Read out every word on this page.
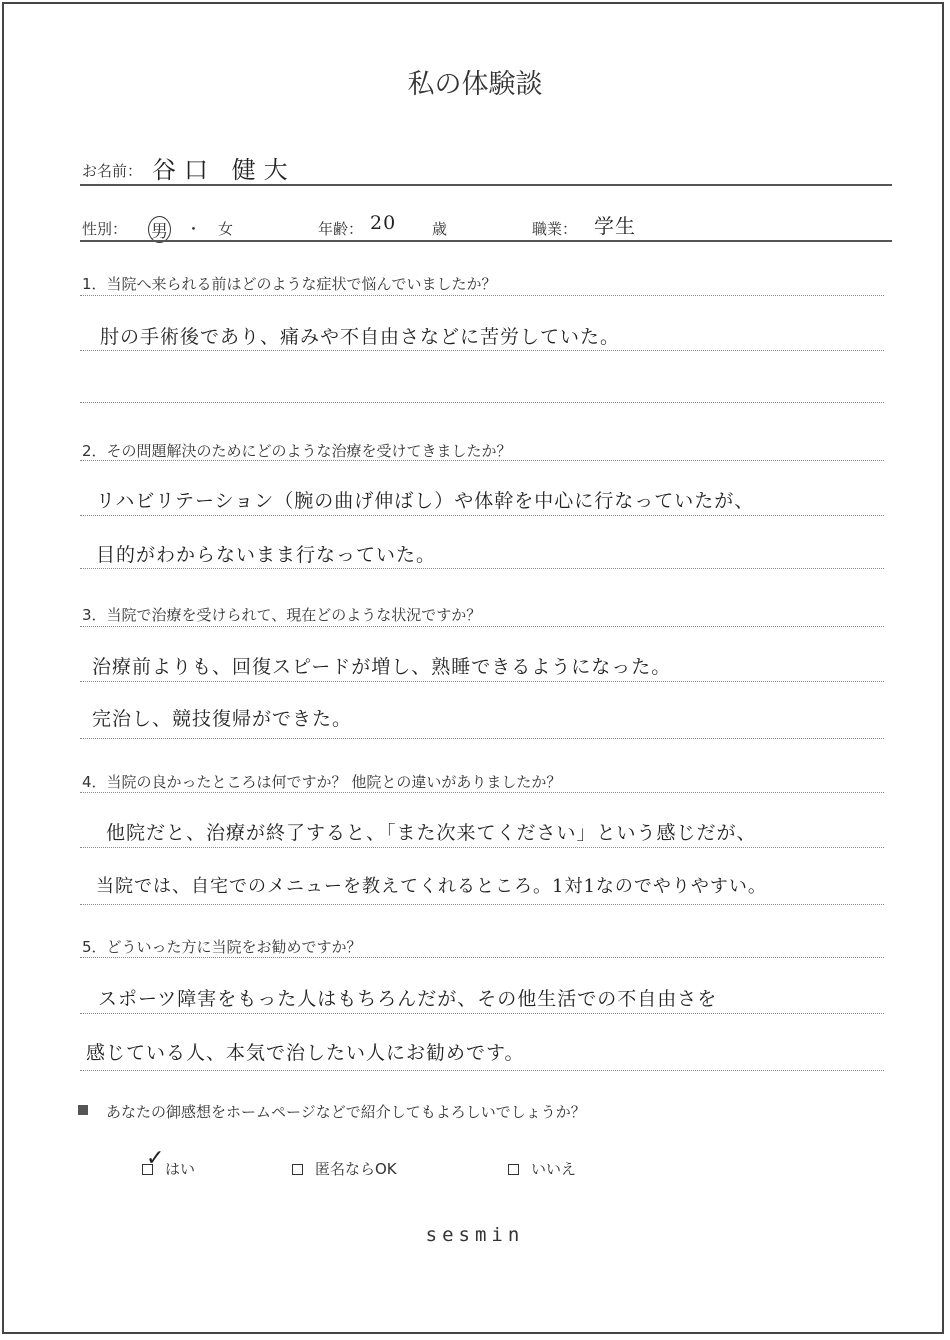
私の体験談
お名前： 谷口 健大
性別： 男 ・ 女	年齢： 20 歳	職業： 学生
1．当院へ来られる前はどのような症状で悩んでいましたか？
肘の手術後であり、痛みや不自由さなどに苦労していた。
2．その問題解決のためにどのような治療を受けてきましたか？
リハビリテーション（腕の曲げ伸ばし）や体幹を中心に行なっていたが、
目的がわからないまま行なっていた。
3．当院で治療を受けられて、現在どのような状況ですか？
治療前よりも、回復スピードが増し、熟睡できるようになった。
完治し、競技復帰ができた。
4．当院の良かったところは何ですか？ 他院との違いがありましたか？
他院だと、治療が終了すると、「また次来てください」という感じだが、
当院では、自宅でのメニューを教えてくれるところ。1対1なのでやりやすい。
5．どういった方に当院をお勧めですか？
スポーツ障害をもった人はもちろんだが、その他生活での不自由さを
感じている人、本気で治したい人にお勧めです。
あなたの御感想をホームページなどで紹介してもよろしいでしょうか？
はい
✓	匿名ならOK	いいえ
sesmin
